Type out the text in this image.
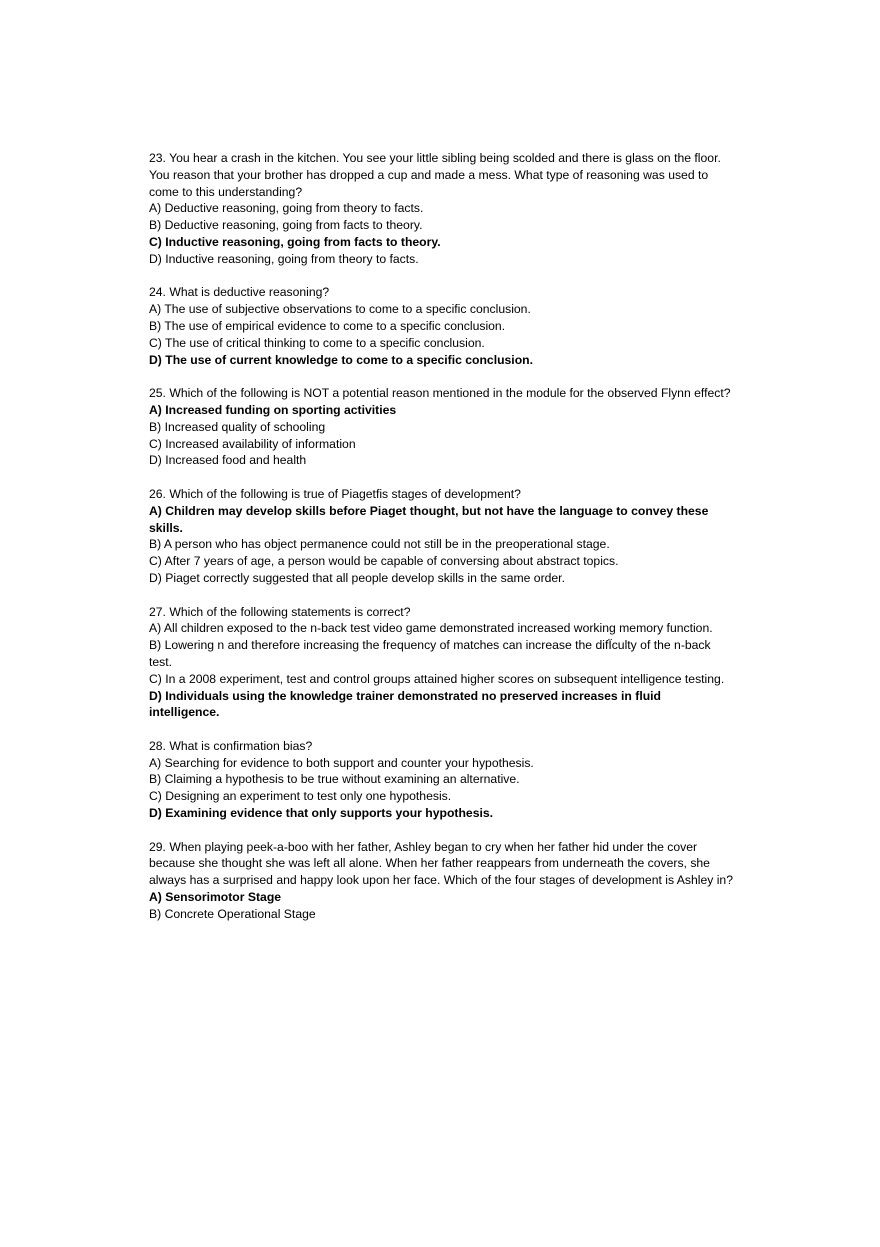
23. You hear a crash in the kitchen. You see your little sibling being scolded and there is glass on the floor. You reason that your brother has dropped a cup and made a mess. What type of reasoning was used to come to this understanding?

A) Deductive reasoning, going from theory to facts.

B) Deductive reasoning, going from facts to theory.

C) Inductive reasoning, going from facts to theory.

D) Inductive reasoning, going from theory to facts.

24. What is deductive reasoning?

A) The use of subjective observations to come to a specific conclusion.

B) The use of empirical evidence to come to a specific conclusion.

C) The use of critical thinking to come to a specific conclusion.

D) The use of current knowledge to come to a specific conclusion.

25. Which of the following is NOT a potential reason mentioned in the module for the observed Flynn effect?

A) Increased funding on sporting activities

B) Increased quality of schooling

C) Increased availability of information

D) Increased food and health

26. Which of the following is true of Piagetﬁs stages of development?

A) Children may develop skills before Piaget thought, but not have the language to convey these skills.

B) A person who has object permanence could not still be in the preoperational stage.

C) After 7 years of age, a person would be capable of conversing about abstract topics.

D) Piaget correctly suggested that all people develop skills in the same order.

27. Which of the following statements is correct?

A) All children exposed to the n-back test video game demonstrated increased working memory function.

B) Lowering n and therefore increasing the frequency of matches can increase the difÏculty of the n-back test.

C) In a 2008 experiment, test and control groups attained higher scores on subsequent intelligence testing.

D) Individuals using the knowledge trainer demonstrated no preserved increases in fluid intelligence.

28. What is confirmation bias?

A) Searching for evidence to both support and counter your hypothesis.

B) Claiming a hypothesis to be true without examining an alternative.

C) Designing an experiment to test only one hypothesis.

D) Examining evidence that only supports your hypothesis.

29. When playing peek-a-boo with her father, Ashley began to cry when her father hid under the cover because she thought she was left all alone. When her father reappears from underneath the covers, she always has a surprised and happy look upon her face. Which of the four stages of development is Ashley in?

A) Sensorimotor Stage

B) Concrete Operational Stage
